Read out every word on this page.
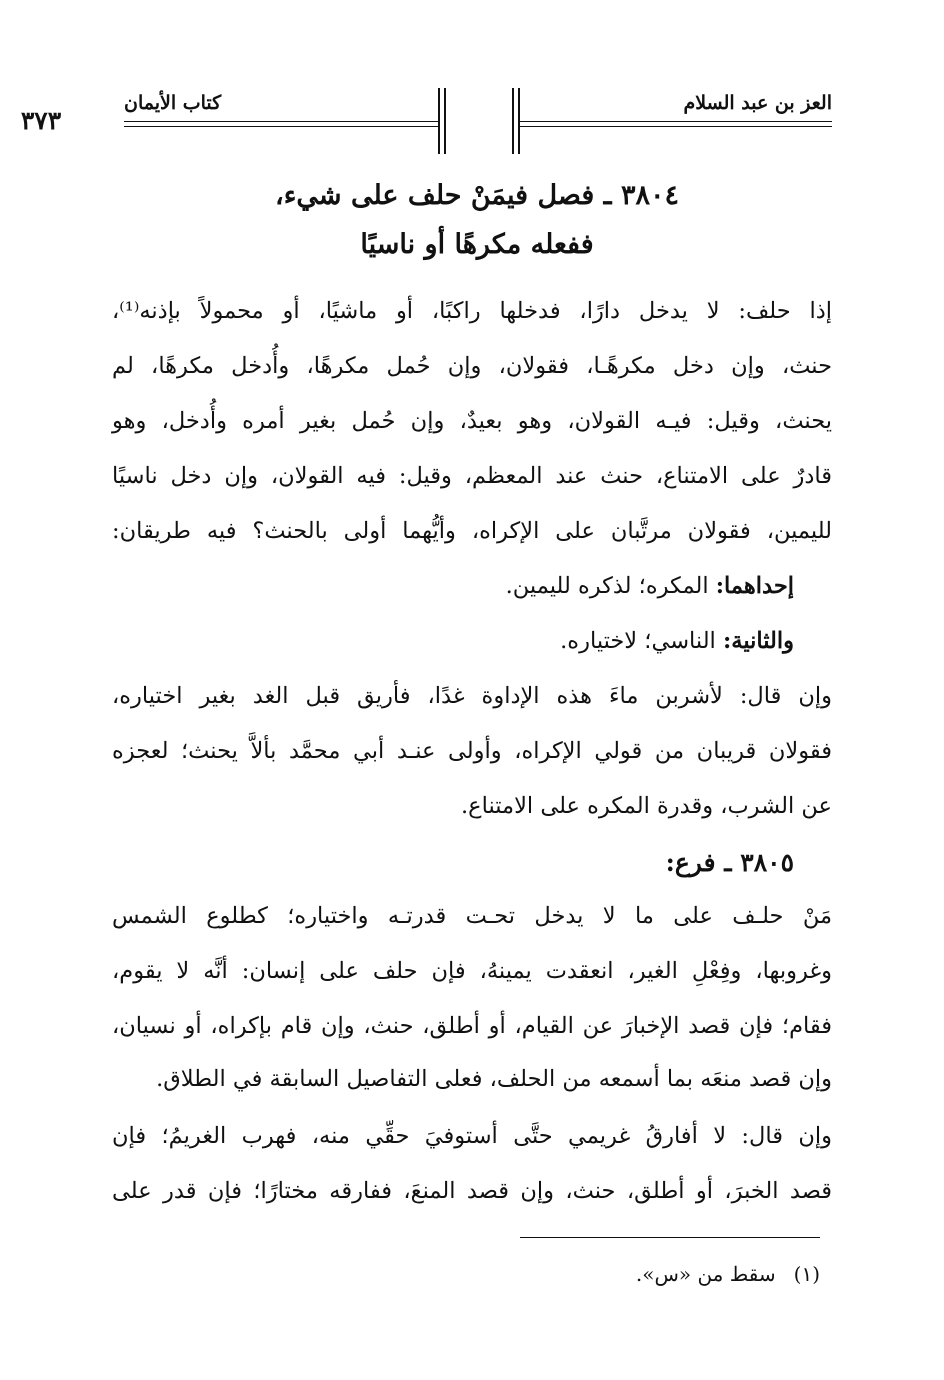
العز بن عبد السلام
كتاب الأيمان
٣٧٣
٣٨٠٤ ـ فصل فيمَنْ حلف على شيء،
ففعله مكرهًا أو ناسيًا
إذا حلف: لا يدخل دارًا، فدخلها راكبًا، أو ماشيًا، أو محمولاً بإذنه⁽¹⁾،
حنث، وإن دخل مكرهًـا، فقولان، وإن حُمل مكرهًا، وأُدخل مكرهًا، لم
يحنث، وقيل: فيـه القولان، وهو بعيدٌ، وإن حُمل بغير أمره وأُدخل، وهو
قادرٌ على الامتناع، حنث عند المعظم، وقيل: فيه القولان، وإن دخل ناسيًا
لليمين، فقولان مرتَّبان على الإكراه، وأيُّهما أولى بالحنث؟ فيه طريقان:
إحداهما: المكره؛ لذكره لليمين.
والثانية: الناسي؛ لاختياره.
وإن قال: لأشربن ماءَ هذه الإداوة غدًا، فأريق قبل الغد بغير اختياره،
فقولان قريبان من قولي الإكراه، وأولى عنـد أبي محمَّد بألاَّ يحنث؛ لعجزه
عن الشرب، وقدرة المكره على الامتناع.
٣٨٠٥ ـ فرع:
مَنْ حلـف على ما لا يدخل تحـت قدرتـه واختياره؛ كطلوع الشمس
وغروبها، وفِعْلِ الغير، انعقدت يمينهُ، فإن حلف على إنسان: أنَّه لا يقوم،
فقام؛ فإن قصد الإخبارَ عن القيام، أو أطلق، حنث، وإن قام بإكراه، أو نسيان،
وإن قصد منعَه بما أسمعه من الحلف، فعلى التفاصيل السابقة في الطلاق.
وإن قال: لا أفارقُ غريمي حتَّى أستوفيَ حقِّي منه، فهرب الغريمُ؛ فإن
قصد الخبرَ، أو أطلق، حنث، وإن قصد المنعَ، ففارقه مختارًا؛ فإن قدر على
(١)سقط من «س».
